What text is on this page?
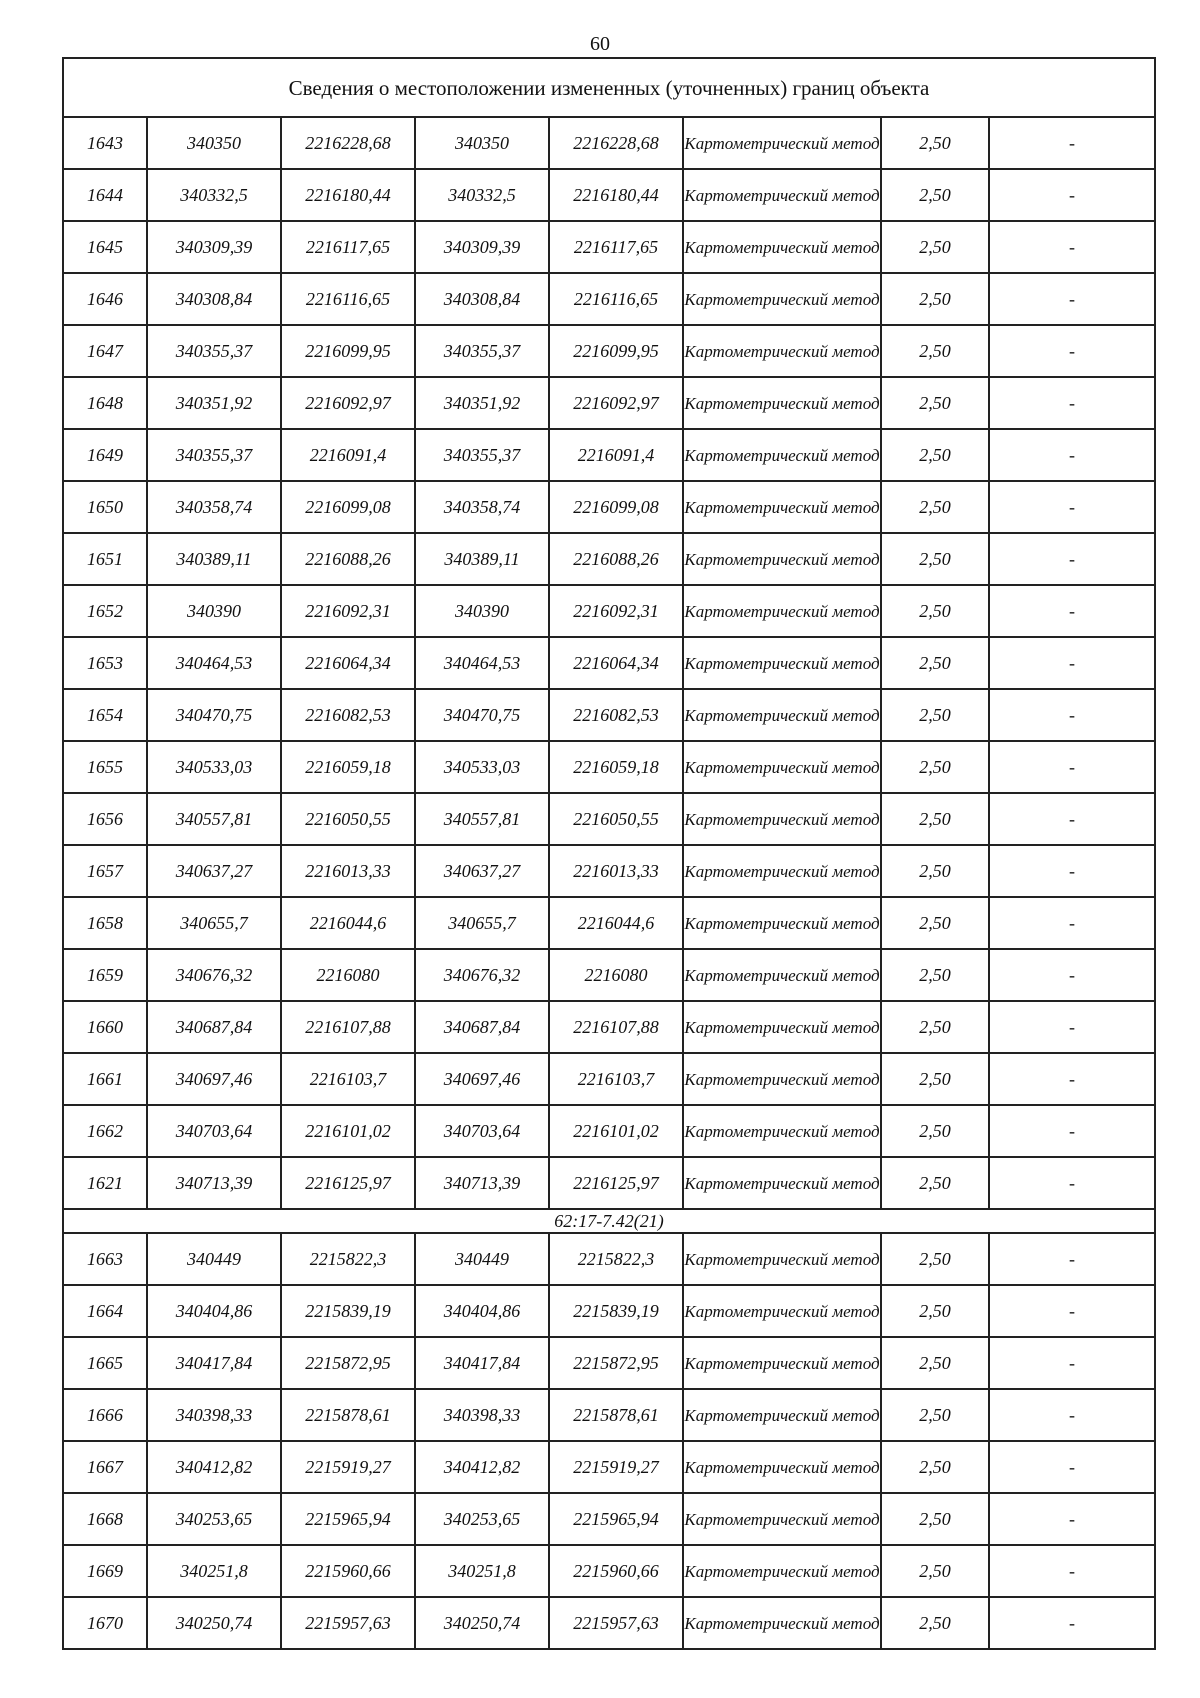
60
Сведения о местоположении измененных (уточненных) границ объекта							
1643	340350	2216228,68	340350	2216228,68	Картометрический метод	2,50	-
1644	340332,5	2216180,44	340332,5	2216180,44	Картометрический метод	2,50	-
1645	340309,39	2216117,65	340309,39	2216117,65	Картометрический метод	2,50	-
1646	340308,84	2216116,65	340308,84	2216116,65	Картометрический метод	2,50	-
1647	340355,37	2216099,95	340355,37	2216099,95	Картометрический метод	2,50	-
1648	340351,92	2216092,97	340351,92	2216092,97	Картометрический метод	2,50	-
1649	340355,37	2216091,4	340355,37	2216091,4	Картометрический метод	2,50	-
1650	340358,74	2216099,08	340358,74	2216099,08	Картометрический метод	2,50	-
1651	340389,11	2216088,26	340389,11	2216088,26	Картометрический метод	2,50	-
1652	340390	2216092,31	340390	2216092,31	Картометрический метод	2,50	-
1653	340464,53	2216064,34	340464,53	2216064,34	Картометрический метод	2,50	-
1654	340470,75	2216082,53	340470,75	2216082,53	Картометрический метод	2,50	-
1655	340533,03	2216059,18	340533,03	2216059,18	Картометрический метод	2,50	-
1656	340557,81	2216050,55	340557,81	2216050,55	Картометрический метод	2,50	-
1657	340637,27	2216013,33	340637,27	2216013,33	Картометрический метод	2,50	-
1658	340655,7	2216044,6	340655,7	2216044,6	Картометрический метод	2,50	-
1659	340676,32	2216080	340676,32	2216080	Картометрический метод	2,50	-
1660	340687,84	2216107,88	340687,84	2216107,88	Картометрический метод	2,50	-
1661	340697,46	2216103,7	340697,46	2216103,7	Картометрический метод	2,50	-
1662	340703,64	2216101,02	340703,64	2216101,02	Картометрический метод	2,50	-
1621	340713,39	2216125,97	340713,39	2216125,97	Картометрический метод	2,50	-
62:17-7.42(21)							
1663	340449	2215822,3	340449	2215822,3	Картометрический метод	2,50	-
1664	340404,86	2215839,19	340404,86	2215839,19	Картометрический метод	2,50	-
1665	340417,84	2215872,95	340417,84	2215872,95	Картометрический метод	2,50	-
1666	340398,33	2215878,61	340398,33	2215878,61	Картометрический метод	2,50	-
1667	340412,82	2215919,27	340412,82	2215919,27	Картометрический метод	2,50	-
1668	340253,65	2215965,94	340253,65	2215965,94	Картометрический метод	2,50	-
1669	340251,8	2215960,66	340251,8	2215960,66	Картометрический метод	2,50	-
1670	340250,74	2215957,63	340250,74	2215957,63	Картометрический метод	2,50	-
